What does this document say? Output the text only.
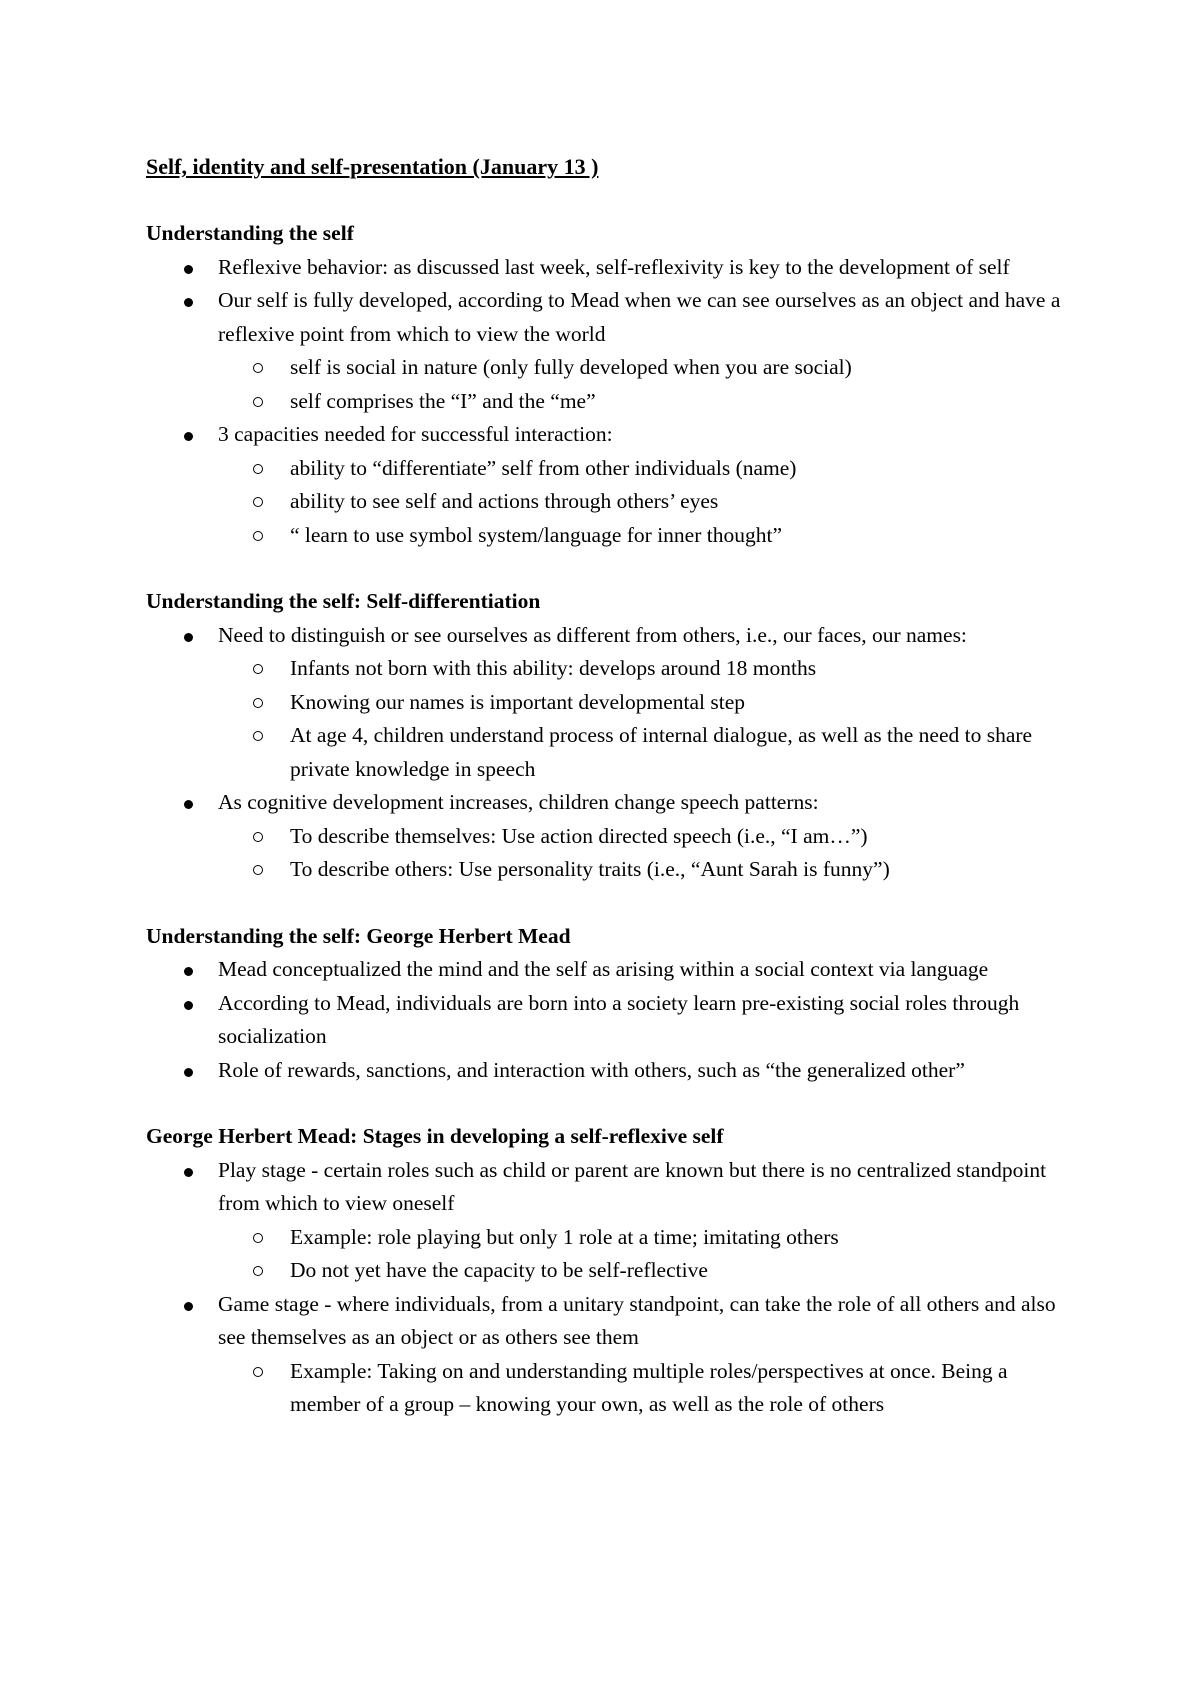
Self, identity and self-presentation (January 13 )
Understanding the self
Reflexive behavior: as discussed last week, self-reflexivity is key to the development of self
Our self is fully developed, according to Mead when we can see ourselves as an object and have a reflexive point from which to view the world
self is social in nature (only fully developed when you are social)
self comprises the “I” and the “me”
3 capacities needed for successful interaction:
ability to “differentiate” self from other individuals (name)
ability to see self and actions through others’ eyes
“ learn to use symbol system/language for inner thought”
Understanding the self: Self-differentiation
Need to distinguish or see ourselves as different from others, i.e., our faces, our names:
Infants not born with this ability: develops around 18 months
Knowing our names is important developmental step
At age 4, children understand process of internal dialogue, as well as the need to share private knowledge in speech
As cognitive development increases, children change speech patterns:
To describe themselves: Use action directed speech (i.e., “I am…”)
To describe others: Use personality traits (i.e., “Aunt Sarah is funny”)
Understanding the self: George Herbert Mead
Mead conceptualized the mind and the self as arising within a social context via language
According to Mead, individuals are born into a society learn pre-existing social roles through socialization
Role of rewards, sanctions, and interaction with others, such as “the generalized other”
George Herbert Mead: Stages in developing a self-reflexive self
Play stage - certain roles such as child or parent are known but there is no centralized standpoint from which to view oneself
Example: role playing but only 1 role at a time; imitating others
Do not yet have the capacity to be self-reflective
Game stage - where individuals, from a unitary standpoint, can take the role of all others and also see themselves as an object or as others see them
Example: Taking on and understanding multiple roles/perspectives at once. Being a member of a group – knowing your own, as well as the role of others
